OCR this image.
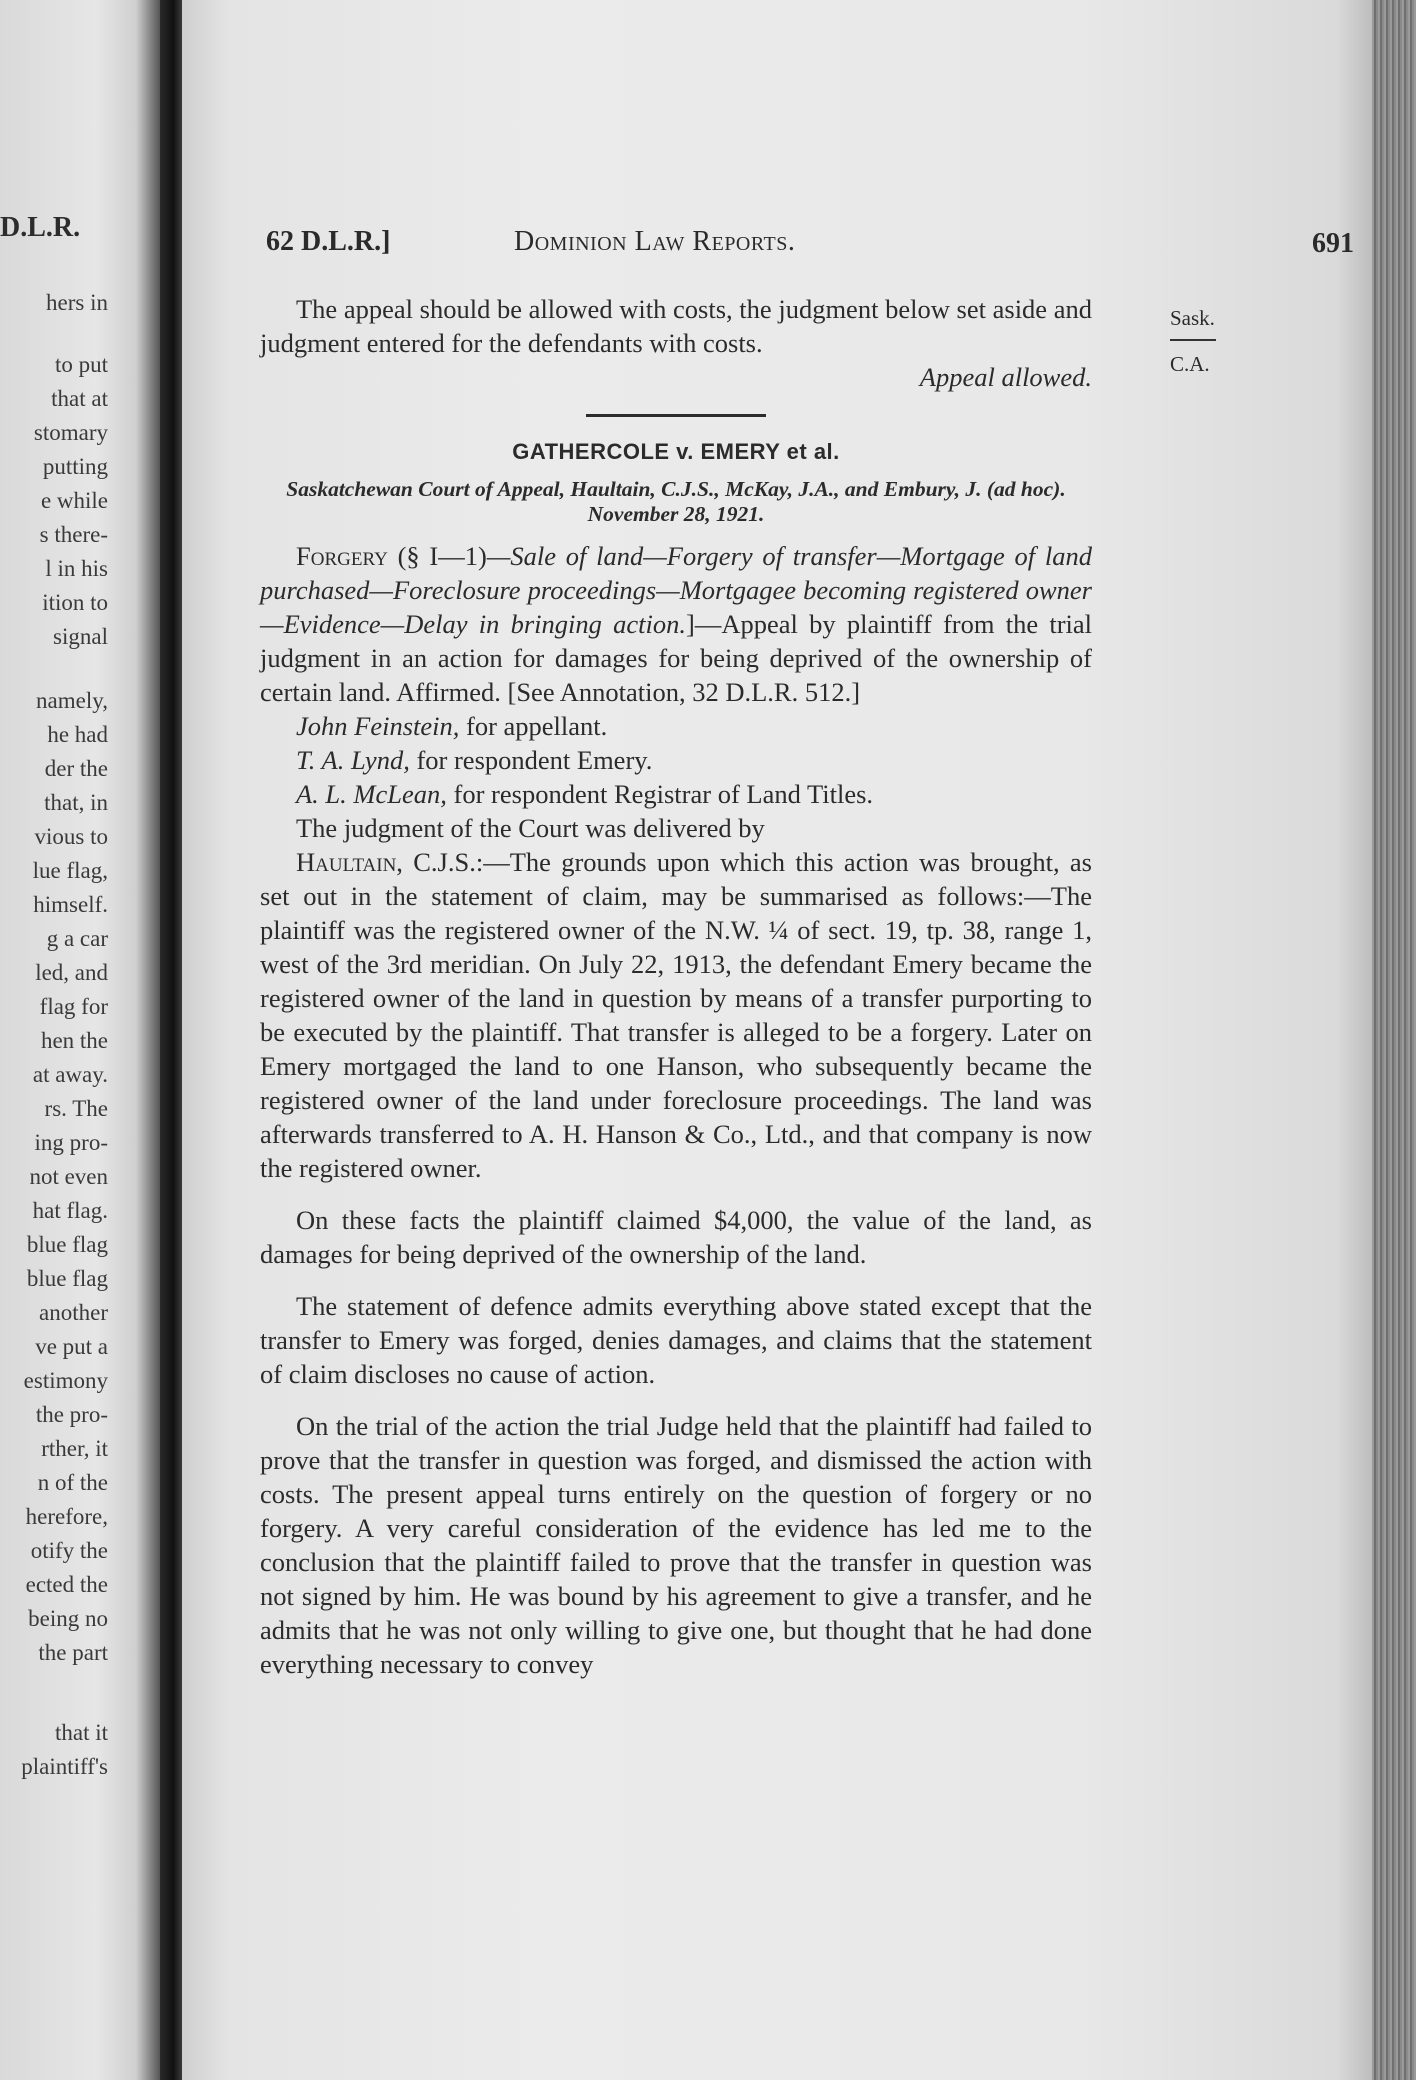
D.L.R.
hers in
to put
that at
stomary
putting
e while
s there-
l in his
ition to
signal
namely,
he had
der the
that, in
vious to
lue flag,
himself.
g a car
led, and
flag for
hen the
at away.
rs. The
ing pro-
not even
hat flag.
blue flag
blue flag
another
ve put a
estimony
the pro-
rther, it
n of the
herefore,
otify the
ected the
being no
the part
that it
plaintiff's
62 D.L.R.]	Dominion Law Reports.	691
Sask.
C.A.

The appeal should be allowed with costs, the judgment below set aside and judgment entered for the defendants with costs.

Appeal allowed.

GATHERCOLE v. EMERY et al.
Saskatchewan Court of Appeal, Haultain, C.J.S., McKay, J.A., and Embury, J. (ad hoc). November 28, 1921.

Forgery (§ I—1)—Sale of land—Forgery of transfer—Mortgage of land purchased—Foreclosure proceedings—Mortgagee becoming registered owner—Evidence—Delay in bringing action.]—Appeal by plaintiff from the trial judgment in an action for damages for being deprived of the ownership of certain land. Affirmed. [See Annotation, 32 D.L.R. 512.]

John Feinstein, for appellant.

T. A. Lynd, for respondent Emery.

A. L. McLean, for respondent Registrar of Land Titles.

The judgment of the Court was delivered by

Haultain, C.J.S.:—The grounds upon which this action was brought, as set out in the statement of claim, may be summarised as follows:—The plaintiff was the registered owner of the N.W. ¼ of sect. 19, tp. 38, range 1, west of the 3rd meridian. On July 22, 1913, the defendant Emery became the registered owner of the land in question by means of a transfer purporting to be executed by the plaintiff. That transfer is alleged to be a forgery. Later on Emery mortgaged the land to one Hanson, who subsequently became the registered owner of the land under foreclosure proceedings. The land was afterwards transferred to A. H. Hanson & Co., Ltd., and that company is now the registered owner.

On these facts the plaintiff claimed $4,000, the value of the land, as damages for being deprived of the ownership of the land.

The statement of defence admits everything above stated except that the transfer to Emery was forged, denies damages, and claims that the statement of claim discloses no cause of action.

On the trial of the action the trial Judge held that the plaintiff had failed to prove that the transfer in question was forged, and dismissed the action with costs. The present appeal turns entirely on the question of forgery or no forgery. A very careful consideration of the evidence has led me to the conclusion that the plaintiff failed to prove that the transfer in question was not signed by him. He was bound by his agreement to give a transfer, and he admits that he was not only willing to give one, but thought that he had done everything necessary to convey
